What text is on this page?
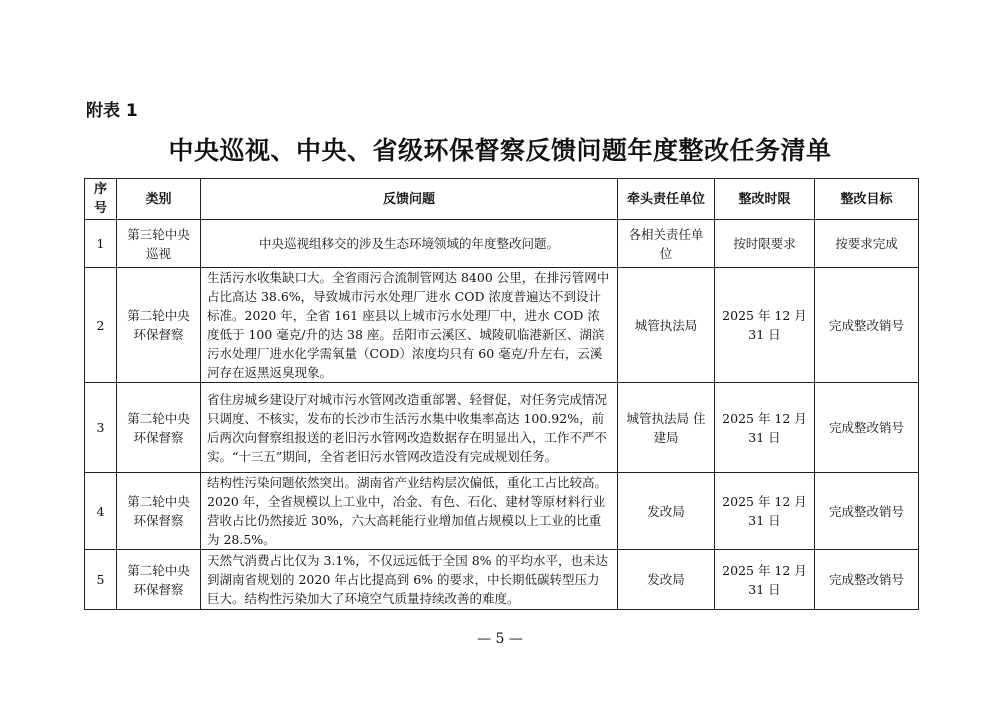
附表 1
中央巡视、中央、省级环保督察反馈问题年度整改任务清单
序号	类别	反馈问题	牵头责任单位	整改时限	整改目标
1	第三轮中央巡视	中央巡视组移交的涉及生态环境领域的年度整改问题。	各相关责任单位	按时限要求	按要求完成
2	第二轮中央环保督察	生活污水收集缺口大。全省雨污合流制管网达 8400 公里，在排污管网中占比高达 38.6%，导致城市污水处理厂进水 COD 浓度普遍达不到设计标准。2020 年，全省 161 座县以上城市污水处理厂中，进水 COD 浓度低于 100 毫克/升的达 38 座。岳阳市云溪区、城陵矶临港新区、湖滨污水处理厂进水化学需氧量（COD）浓度均只有 60 毫克/升左右，云溪河存在返黑返臭现象。	城管执法局	2025 年 12 月 31 日	完成整改销号
3	第二轮中央环保督察	省住房城乡建设厅对城市污水管网改造重部署、轻督促，对任务完成情况只调度、不核实，发布的长沙市生活污水集中收集率高达 100.92%，前后两次向督察组报送的老旧污水管网改造数据存在明显出入，工作不严不实。“十三五”期间，全省老旧污水管网改造没有完成规划任务。	城管执法局 住建局	2025 年 12 月 31 日	完成整改销号
4	第二轮中央环保督察	结构性污染问题依然突出。湖南省产业结构层次偏低，重化工占比较高。2020 年，全省规模以上工业中，冶金、有色、石化、建材等原材料行业营收占比仍然接近 30%，六大高耗能行业增加值占规模以上工业的比重为 28.5%。	发改局	2025 年 12 月 31 日	完成整改销号
5	第二轮中央环保督察	天然气消费占比仅为 3.1%，不仅远远低于全国 8% 的平均水平，也未达到湖南省规划的 2020 年占比提高到 6% 的要求，中长期低碳转型压力巨大。结构性污染加大了环境空气质量持续改善的难度。	发改局	2025 年 12 月 31 日	完成整改销号
— 5 —
